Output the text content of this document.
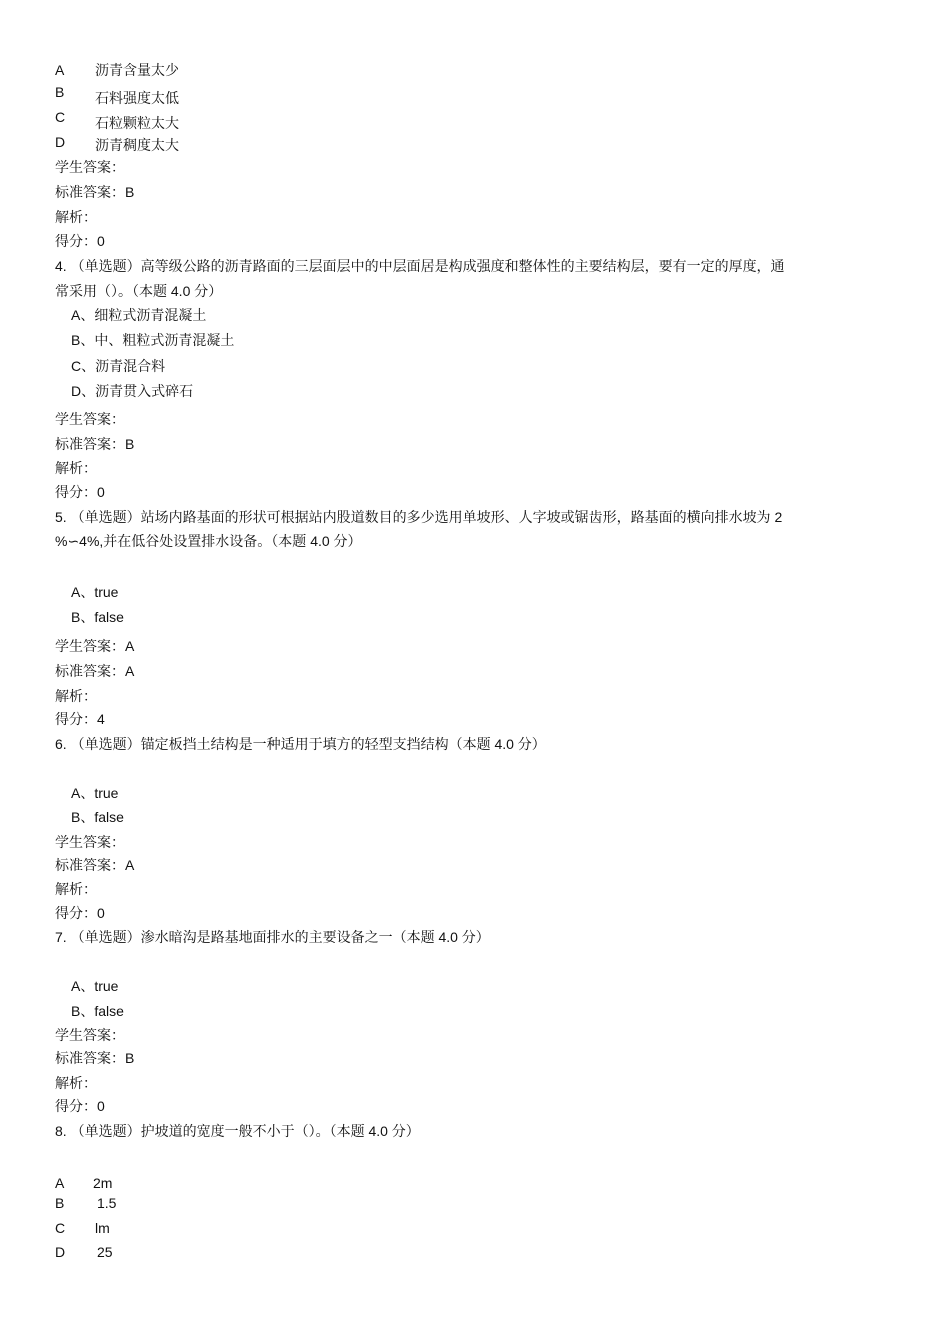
A 沥青含量太少
B 石料强度太低
C 石粒颗粒太大
D 沥青稠度太大
学生答案：
标准答案：B
解析：
得分：0
4. （单选题）高等级公路的沥青路面的三层面层中的中层面居是构成强度和整体性的主要结构层，要有一定的厚度，通
常采用（）。（本题 4.0 分）
A、细粒式沥青混凝土
B、中、粗粒式沥青混凝土
C、沥青混合料
D、沥青贯入式碎石
学生答案：
标准答案：B
解析：
得分：0
5. （单选题）站场内路基面的形状可根据站内股道数目的多少选用单坡形、人字坡或锯齿形，路基面的横向排水坡为 2
%∽4%,并在低谷处设置排水设备。（本题 4.0 分）
A、true
B、false
学生答案：A
标准答案：A
解析：
得分：4
6. （单选题）锚定板挡土结构是一种适用于填方的轻型支挡结构（本题 4.0 分）
A、true
B、false
学生答案：
标准答案：A
解析：
得分：0
7. （单选题）渗水暗沟是路基地面排水的主要设备之一（本题 4.0 分）
A、true
B、false
学生答案：
标准答案：B
解析：
得分：0
8. （单选题）护坡道的宽度一般不小于（）。（本题 4.0 分）
A 2m
B 1.5
C lm
D 25
